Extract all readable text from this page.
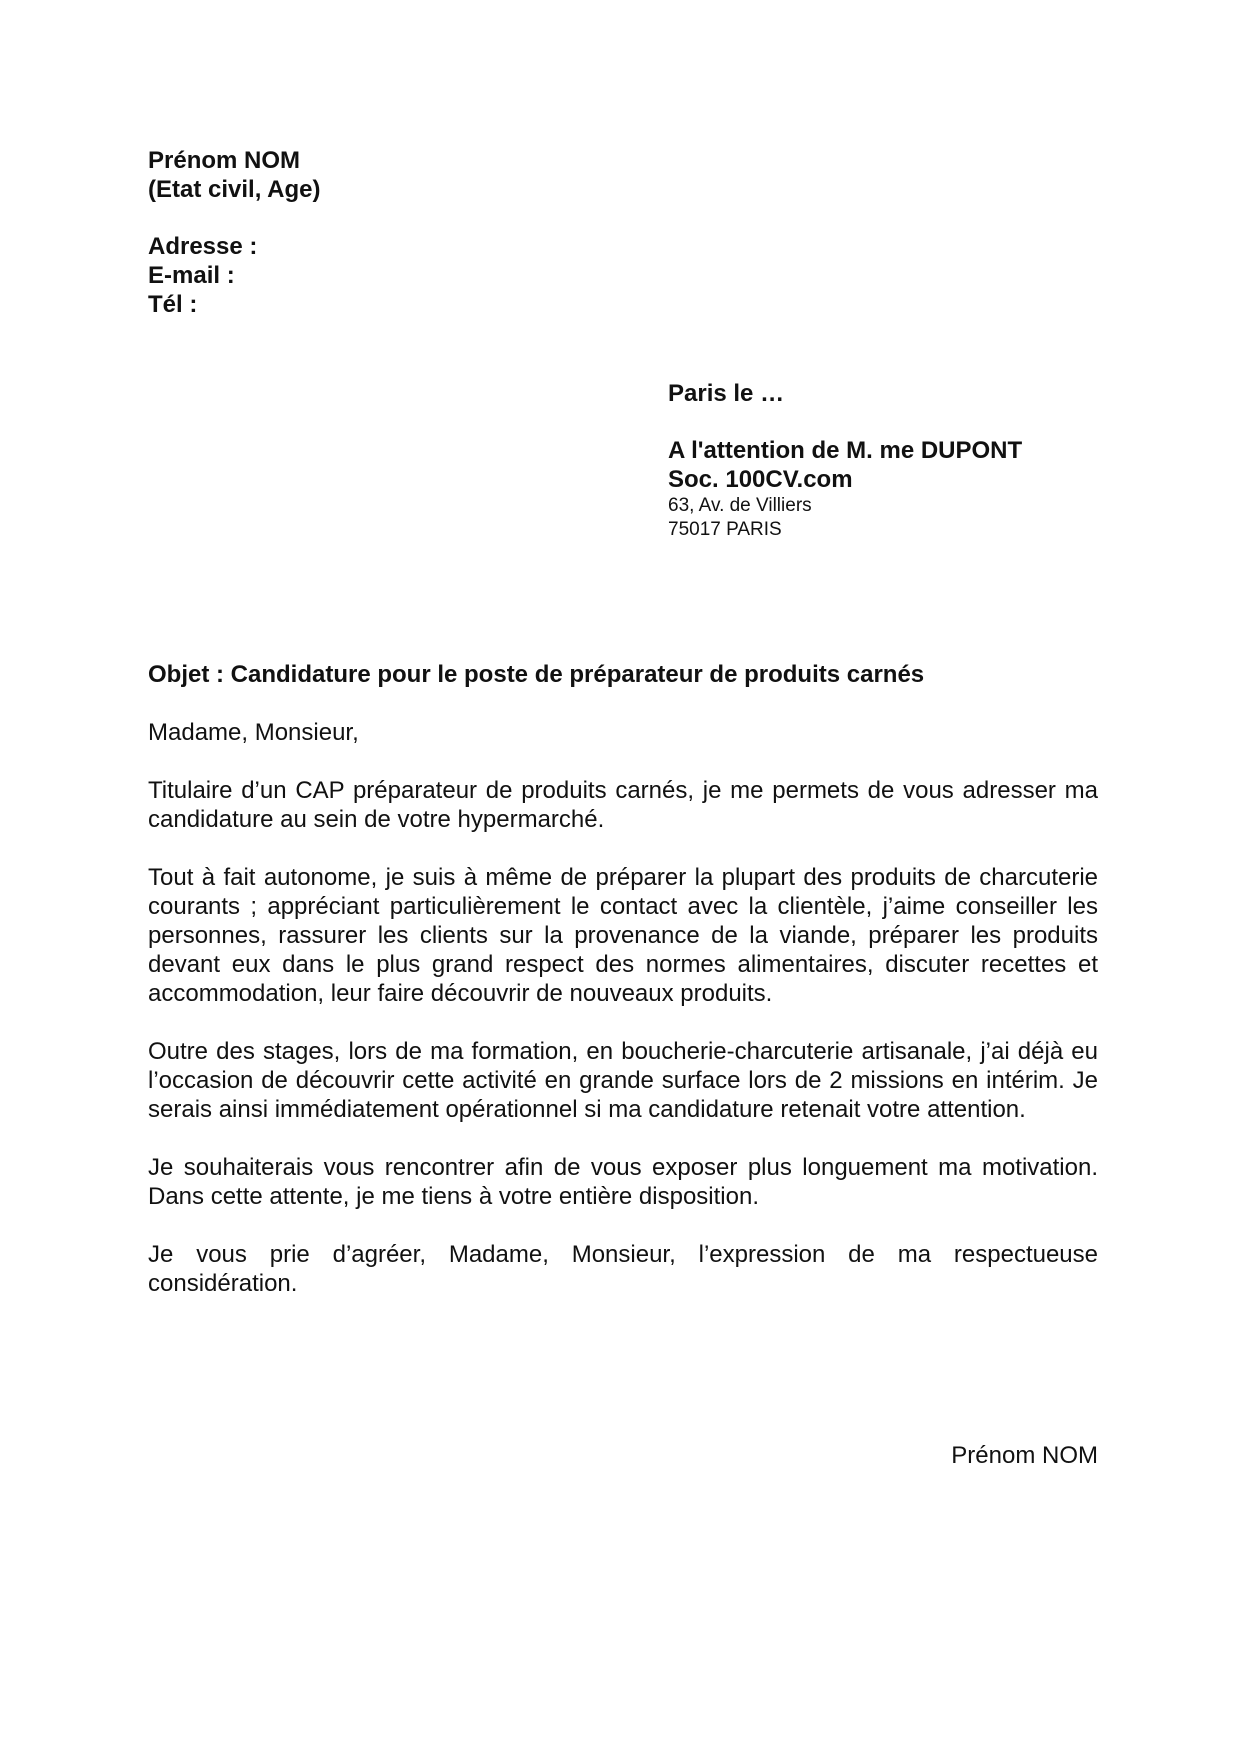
Prénom NOM
(Etat civil, Age)
Adresse :
E-mail :
Tél :
Paris le …
A l'attention de M. me DUPONT
Soc. 100CV.com
63, Av. de Villiers
75017 PARIS
Objet : Candidature pour le poste de préparateur de produits carnés
Madame, Monsieur,

Titulaire d’un CAP préparateur de produits carnés, je me permets de vous adresser ma candidature au sein de votre hypermarché.

Tout à fait autonome, je suis à même de préparer la plupart des produits de charcuterie courants ; appréciant particulièrement le contact avec la clientèle, j’aime conseiller les personnes, rassurer les clients sur la provenance de la viande, préparer les produits devant eux dans le plus grand respect des normes alimentaires, discuter recettes et accommodation, leur faire découvrir de nouveaux produits.

Outre des stages, lors de ma formation, en boucherie-charcuterie artisanale, j’ai déjà eu l’occasion de découvrir cette activité en grande surface lors de 2 missions en intérim. Je serais ainsi immédiatement opérationnel si ma candidature retenait votre attention.

Je souhaiterais vous rencontrer afin de vous exposer plus longuement ma motivation. Dans cette attente, je me tiens à votre entière disposition.

Je vous prie d’agréer, Madame, Monsieur, l’expression de ma respectueuse considération.

Prénom NOM
